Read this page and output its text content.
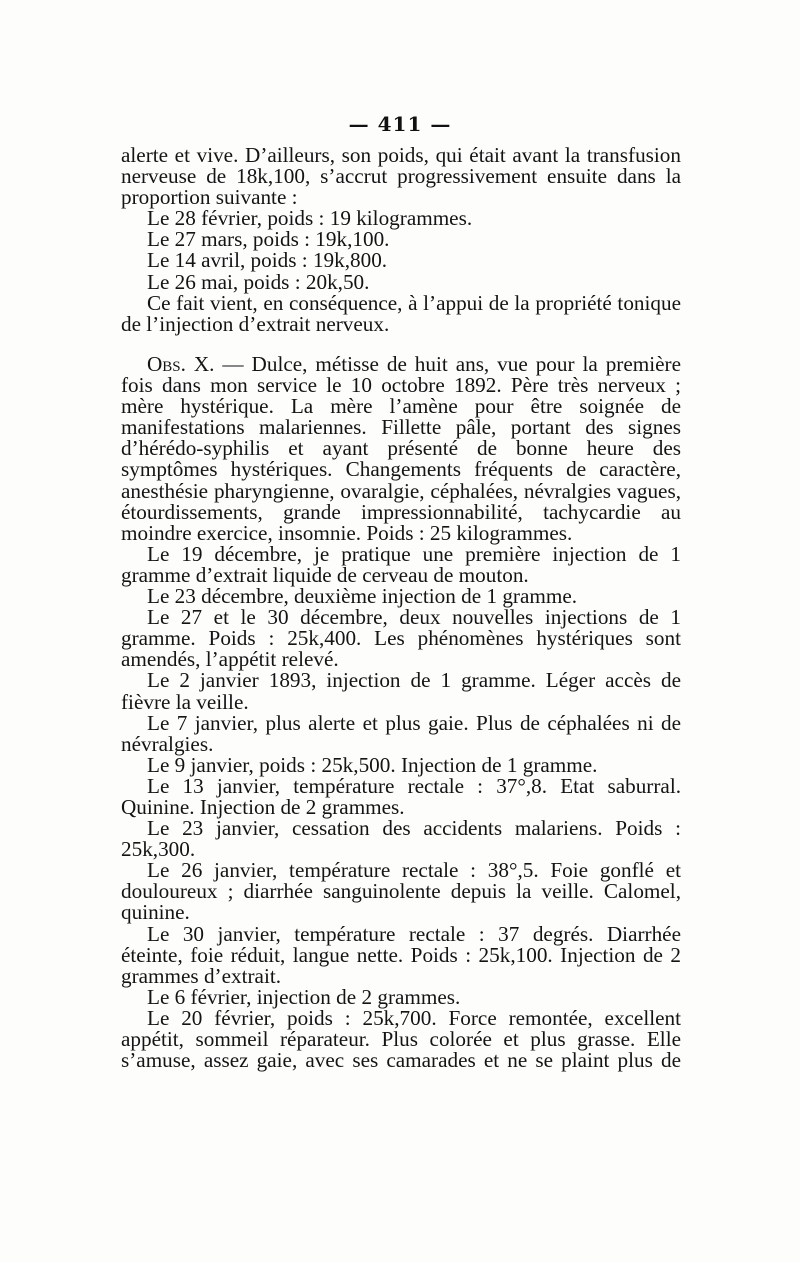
— 411 —

alerte et vive. D’ailleurs, son poids, qui était avant la transfusion nerveuse de 18k,100, s’accrut progressivement ensuite dans la proportion suivante :

Le 28 février, poids : 19 kilogrammes.

Le 27 mars, poids : 19k,100.

Le 14 avril, poids : 19k,800.

Le 26 mai, poids : 20k,50.

Ce fait vient, en conséquence, à l’appui de la propriété tonique de l’injection d’extrait nerveux.

Obs. X. — Dulce, métisse de huit ans, vue pour la première fois dans mon service le 10 octobre 1892. Père très nerveux ; mère hystérique. La mère l’amène pour être soignée de manifestations malariennes. Fillette pâle, portant des signes d’hérédo-syphilis et ayant présenté de bonne heure des symptômes hystériques. Changements fréquents de caractère, anesthésie pharyngienne, ovaralgie, céphalées, névralgies vagues, étourdissements, grande impressionnabilité, tachycardie au moindre exercice, insomnie. Poids : 25 kilogrammes.

Le 19 décembre, je pratique une première injection de 1 gramme d’extrait liquide de cerveau de mouton.

Le 23 décembre, deuxième injection de 1 gramme.

Le 27 et le 30 décembre, deux nouvelles injections de 1 gramme. Poids : 25k,400. Les phénomènes hystériques sont amendés, l’appétit relevé.

Le 2 janvier 1893, injection de 1 gramme. Léger accès de fièvre la veille.

Le 7 janvier, plus alerte et plus gaie. Plus de céphalées ni de névralgies.

Le 9 janvier, poids : 25k,500. Injection de 1 gramme.

Le 13 janvier, température rectale : 37°,8. Etat saburral. Quinine. Injection de 2 grammes.

Le 23 janvier, cessation des accidents malariens. Poids : 25k,300.

Le 26 janvier, température rectale : 38°,5. Foie gonflé et douloureux ; diarrhée sanguinolente depuis la veille. Calomel, quinine.

Le 30 janvier, température rectale : 37 degrés. Diarrhée éteinte, foie réduit, langue nette. Poids : 25k,100. Injection de 2 grammes d’extrait.

Le 6 février, injection de 2 grammes.

Le 20 février, poids : 25k,700. Force remontée, excellent appétit, sommeil réparateur. Plus colorée et plus grasse. Elle s’amuse, assez gaie, avec ses camarades et ne se plaint plus de
